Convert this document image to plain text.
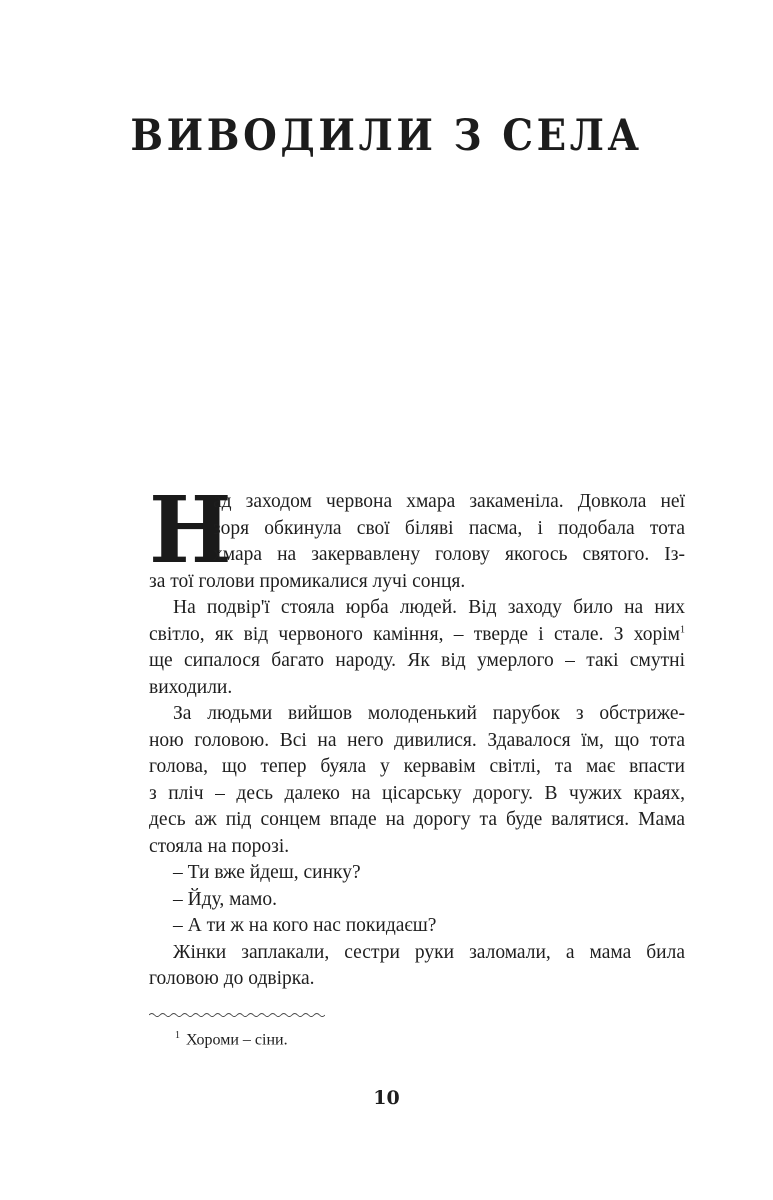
ВИВОДИЛИ З СЕЛА
Н
ад заходом червона хмара закаменіла. Довкола неї
зоря обкинула свої біляві пасма, і подобала тота
хмара на закервавлену голову якогось святого. Із-
за тої голови промикалися лучі сонця.
На подвір'ї стояла юрба людей. Від заходу било на них
світло, як від червоного каміння, – тверде і стале. З хорім$^1$
ще сипалося багато народу. Як від умерлого – такі смутні
виходили.
За людьми вийшов молоденький парубок з обстриже-
ною головою. Всі на него дивилися. Здавалося їм, що тота
голова, що тепер буяла у кервавім світлі, та має впасти
з пліч – десь далеко на цісарську дорогу. В чужих краях,
десь аж під сонцем впаде на дорогу та буде валятися. Мама
стояла на порозі.
– Ти вже йдеш, синку?
– Йду, мамо.
– А ти ж на кого нас покидаєш?
Жінки заплакали, сестри руки заломали, а мама била
головою до одвірка.
$^1$ Хороми – сіни.
10
